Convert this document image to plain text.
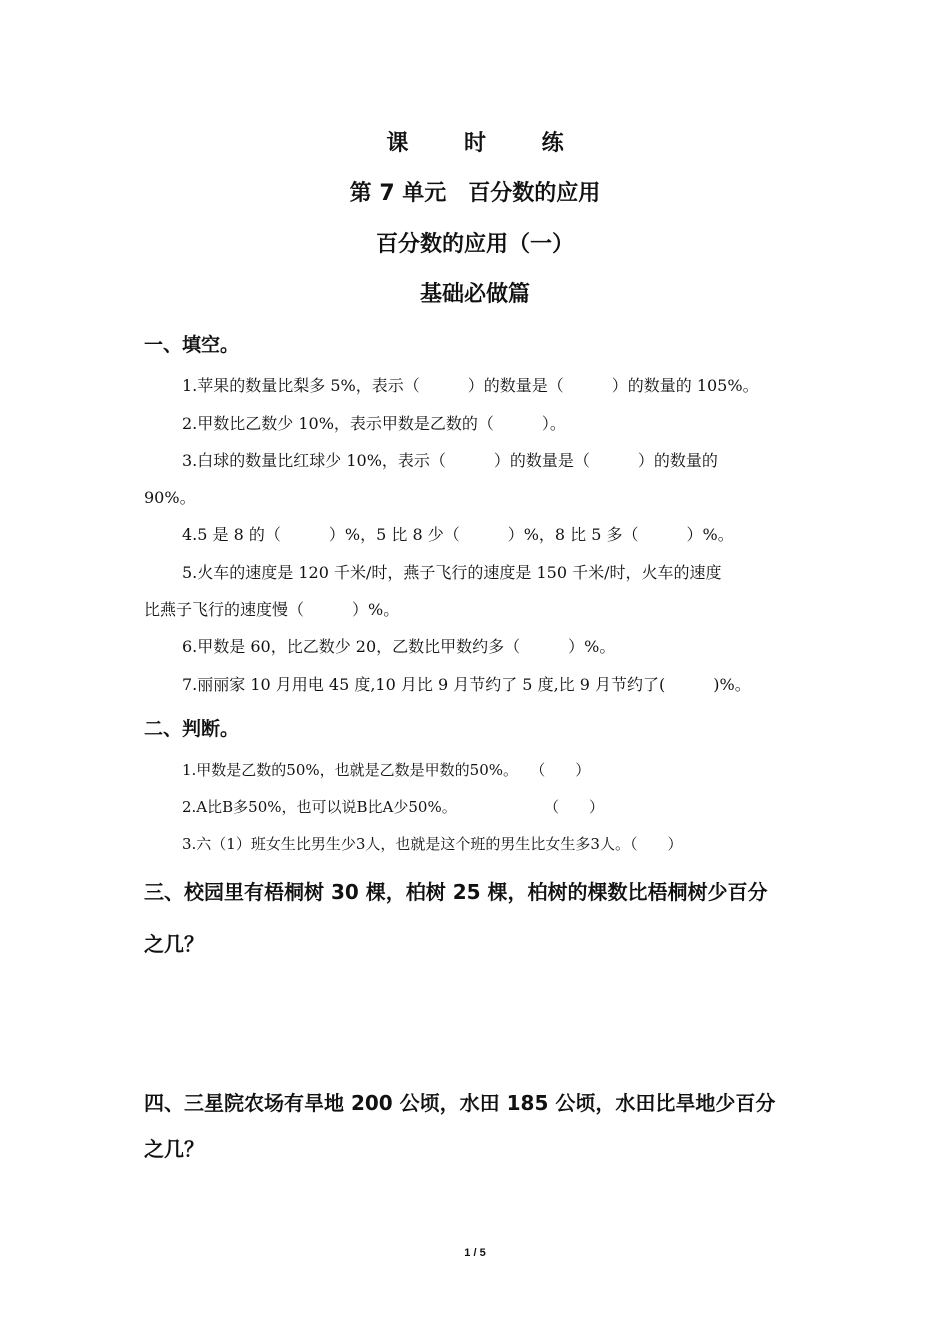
课 时 练
第 7 单元　百分数的应用
百分数的应用（一）
基础必做篇
一、填空。
1.苹果的数量比梨多 5%，表示（　　　）的数量是（　　　）的数量的 105%。
2.甲数比乙数少 10%，表示甲数是乙数的（　　　）。
3.白球的数量比红球少 10%，表示（　　　）的数量是（　　　）的数量的
90%。
4.5 是 8 的（　　　）%，5 比 8 少（　　　）%，8 比 5 多（　　　）%。
5.火车的速度是 120 千米/时，燕子飞行的速度是 150 千米/时，火车的速度
比燕子飞行的速度慢（　　　）%。
6.甲数是 60，比乙数少 20，乙数比甲数约多（　　　）%。
7.丽丽家 10 月用电 45 度,10 月比 9 月节约了 5 度,比 9 月节约了(　　　)%。
二、判断。
1.甲数是乙数的50%，也就是乙数是甲数的50%。　 （　　）
2.A比B多50%，也可以说B比A少50%。　　　　　　 （　　）
3.六（1）班女生比男生少3人，也就是这个班的男生比女生多3人。（　　）
三、校园里有梧桐树 30 棵，柏树 25 棵，柏树的棵数比梧桐树少百分
之几？
四、三星院农场有旱地 200 公顷，水田 185 公顷，水田比旱地少百分
之几？
1 / 5
